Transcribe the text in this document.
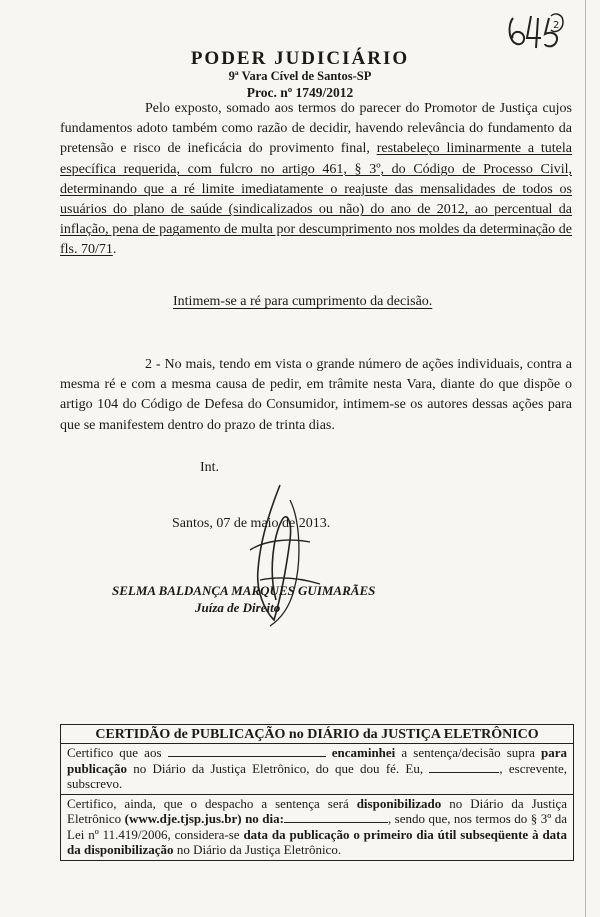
2
645
PODER JUDICIÁRIO
9ª Vara Cível de Santos-SP
Proc. nº 1749/2012

Pelo exposto, somado aos termos do parecer do Promotor de Justiça cujos fundamentos adoto também como razão de decidir, havendo relevância do fundamento da pretensão e risco de ineficácia do provimento final, restabeleço liminarmente a tutela específica requerida, com fulcro no artigo 461, § 3º, do Código de Processo Civil, determinando que a ré limite imediatamente o reajuste das mensalidades de todos os usuários do plano de saúde (sindicalizados ou não) do ano de 2012, ao percentual da inflação, pena de pagamento de multa por descumprimento nos moldes da determinação de fls. 70/71.

Intimem-se a ré para cumprimento da decisão.

2 - No mais, tendo em vista o grande número de ações individuais, contra a mesma ré e com a mesma causa de pedir, em trâmite nesta Vara, diante do que dispõe o artigo 104 do Código de Defesa do Consumidor, intimem-se os autores dessas ações para que se manifestem dentro do prazo de trinta dias.

Int.

Santos, 07 de maio de 2013.

SELMA BALDANÇA MARQUES GUIMARÃES
Juíza de Direito
CERTIDÃO de PUBLICAÇÃO no DIÁRIO da JUSTIÇA ELETRÔNICO
Certifico que aos	encaminhei a sentença/decisão supra para publicação no Diário da Justiça Eletrônico, do que dou fé. Eu,	, escrevente, subscrevo.
Certifico, ainda, que o despacho a sentença será disponibilizado no Diário da Justiça Eletrônico (www.dje.tjsp.jus.br) no dia:	, sendo que, nos termos do § 3º da Lei nº 11.419/2006, considera-se data da publicação o primeiro dia útil subseqüente à data da disponibilização no Diário da Justiça Eletrônico.
